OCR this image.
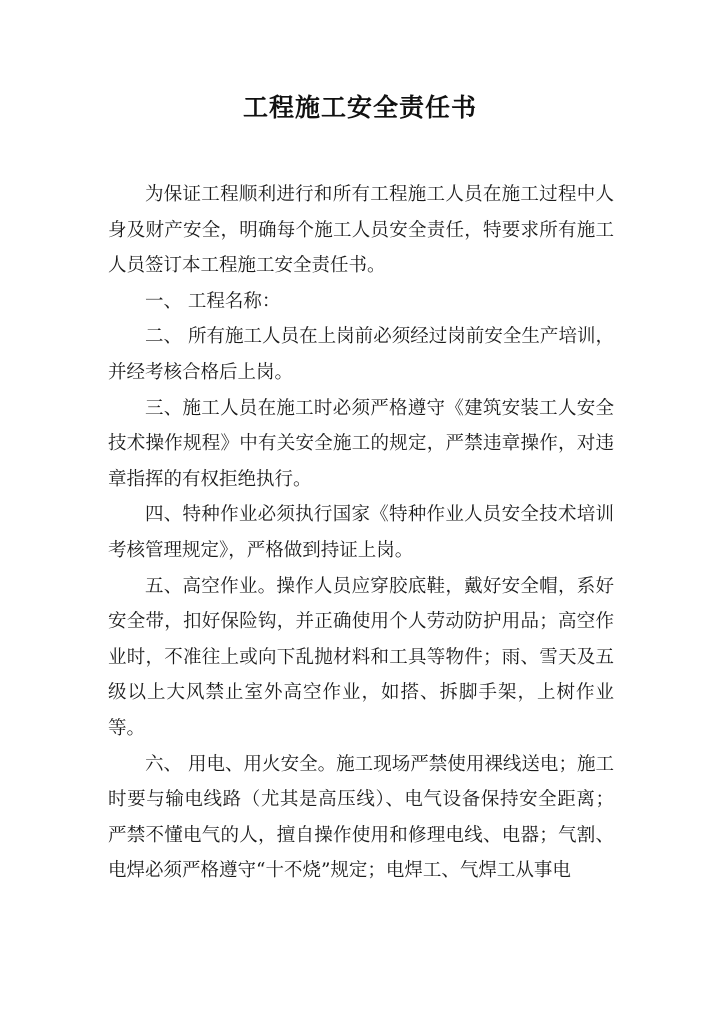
工程施工安全责任书

为保证工程顺利进行和所有工程施工人员在施工过程中人身及财产安全，明确每个施工人员安全责任，特要求所有施工人员签订本工程施工安全责任书。

一、 工程名称：

二、 所有施工人员在上岗前必须经过岗前安全生产培训，并经考核合格后上岗。

三、施工人员在施工时必须严格遵守《建筑安装工人安全技术操作规程》中有关安全施工的规定，严禁违章操作，对违章指挥的有权拒绝执行。

四、特种作业必须执行国家《特种作业人员安全技术培训考核管理规定》，严格做到持证上岗。

五、高空作业。操作人员应穿胶底鞋，戴好安全帽，系好安全带，扣好保险钩，并正确使用个人劳动防护用品；高空作业时，不准往上或向下乱抛材料和工具等物件；雨、雪天及五级以上大风禁止室外高空作业，如搭、拆脚手架，上树作业等。

六、 用电、用火安全。施工现场严禁使用裸线送电；施工时要与输电线路（尤其是高压线）、电气设备保持安全距离；严禁不懂电气的人，擅自操作使用和修理电线、电器；气割、电焊必须严格遵守“十不烧”规定；电焊工、气焊工从事电
